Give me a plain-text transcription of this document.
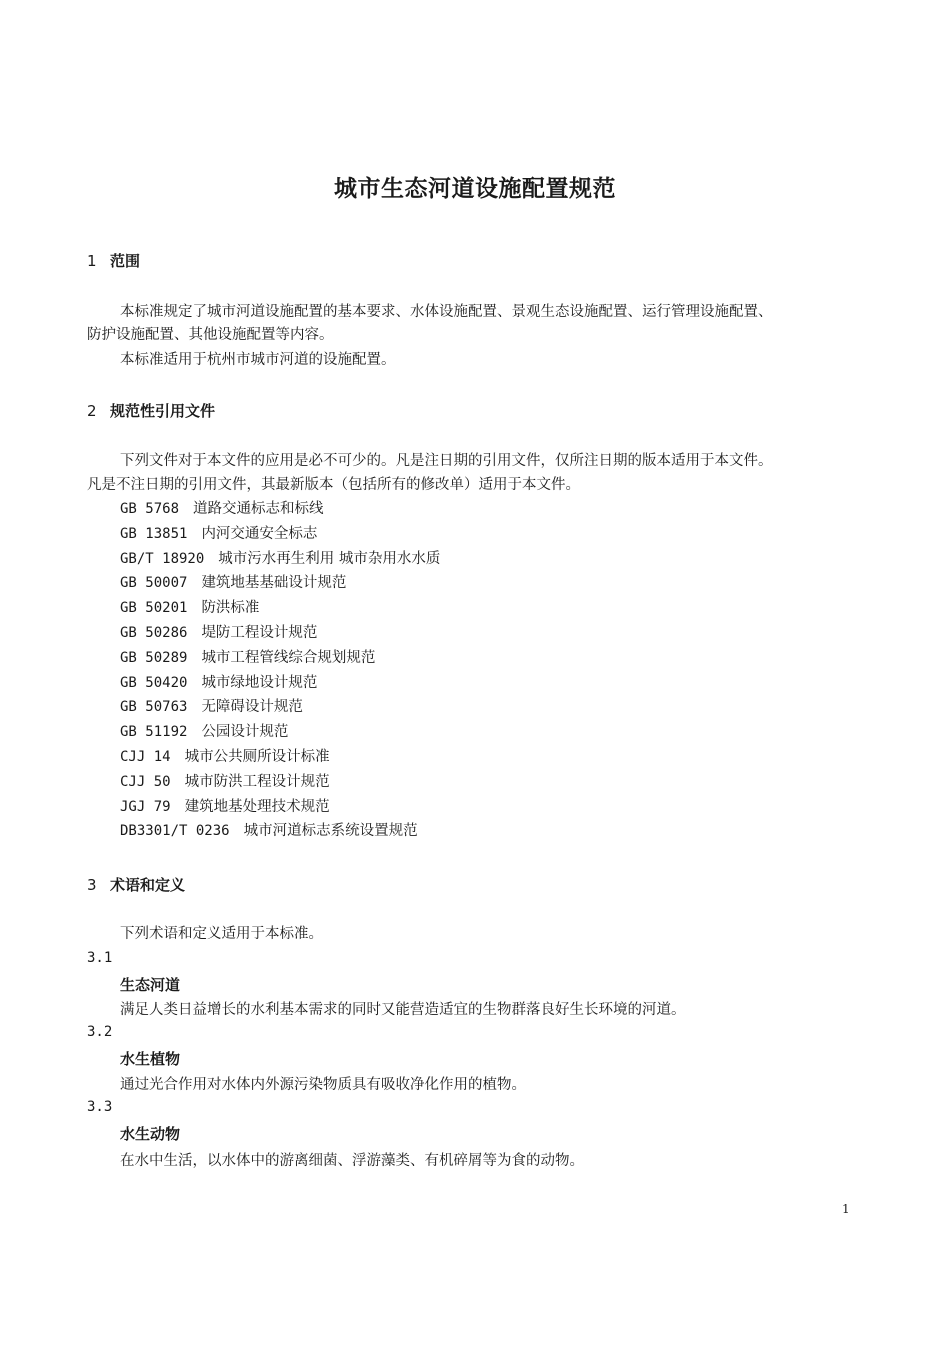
城市生态河道设施配置规范
1 范围
本标准规定了城市河道设施配置的基本要求、水体设施配置、景观生态设施配置、运行管理设施配置、
防护设施配置、其他设施配置等内容。
本标准适用于杭州市城市河道的设施配置。
2 规范性引用文件
下列文件对于本文件的应用是必不可少的。凡是注日期的引用文件，仅所注日期的版本适用于本文件。
凡是不注日期的引用文件，其最新版本（包括所有的修改单）适用于本文件。
GB 5768 道路交通标志和标线
GB 13851 内河交通安全标志
GB/T 18920 城市污水再生利用 城市杂用水水质
GB 50007 建筑地基基础设计规范
GB 50201 防洪标准
GB 50286 堤防工程设计规范
GB 50289 城市工程管线综合规划规范
GB 50420 城市绿地设计规范
GB 50763 无障碍设计规范
GB 51192 公园设计规范
CJJ 14 城市公共厕所设计标准
CJJ 50 城市防洪工程设计规范
JGJ 79 建筑地基处理技术规范
DB3301/T 0236 城市河道标志系统设置规范
3 术语和定义
下列术语和定义适用于本标准。
3.1
生态河道
满足人类日益增长的水利基本需求的同时又能营造适宜的生物群落良好生长环境的河道。
3.2
水生植物
通过光合作用对水体内外源污染物质具有吸收净化作用的植物。
3.3
水生动物
在水中生活，以水体中的游离细菌、浮游藻类、有机碎屑等为食的动物。
1
